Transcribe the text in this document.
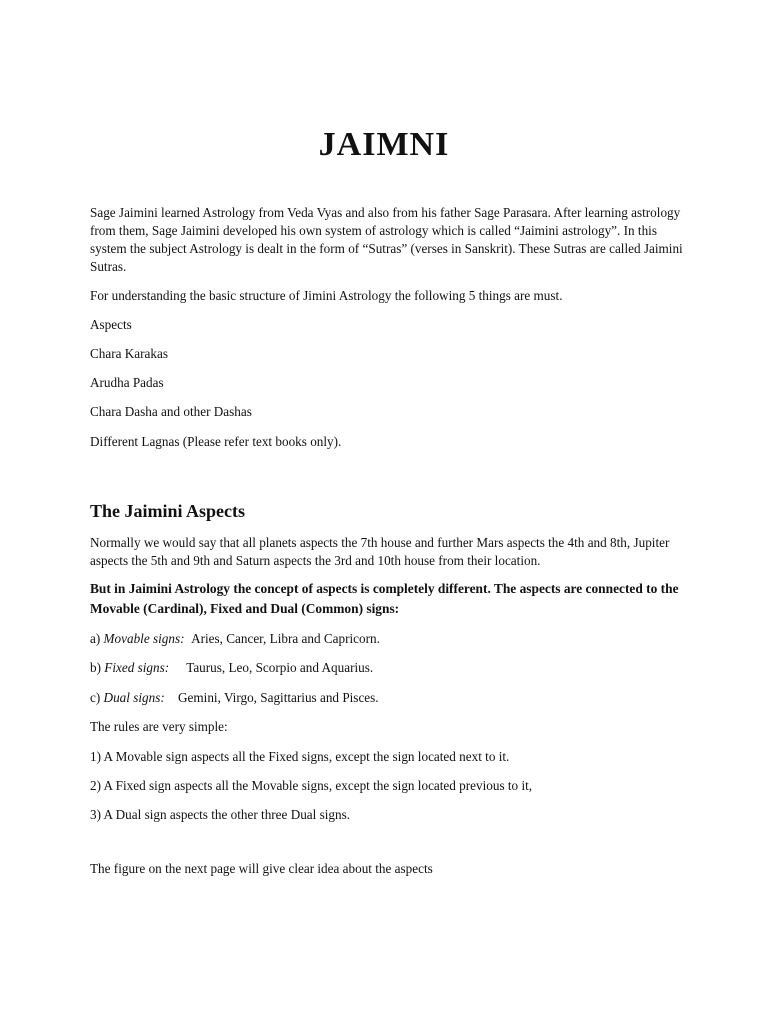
JAIMNI

Sage Jaimini learned Astrology from Veda Vyas and also from his father Sage Parasara. After learning astrology from them, Sage Jaimini developed his own system of astrology which is called “Jaimini astrology”. In this system the subject Astrology is dealt in the form of “Sutras” (verses in Sanskrit). These Sutras are called Jaimini Sutras.

For understanding the basic structure of Jimini Astrology the following 5 things are must.

Aspects

Chara Karakas

Arudha Padas

Chara Dasha and other Dashas

Different Lagnas (Please refer text books only).

The Jaimini Aspects

Normally we would say that all planets aspects the 7th house and further Mars aspects the 4th and 8th, Jupiter aspects the 5th and 9th and Saturn aspects the 3rd and 10th house from their location.

But in Jaimini Astrology the concept of aspects is completely different. The aspects are connected to the Movable (Cardinal), Fixed and Dual (Common) signs:

a) Movable signs: Aries, Cancer, Libra and Capricorn.

b) Fixed signs: Taurus, Leo, Scorpio and Aquarius.

c) Dual signs: Gemini, Virgo, Sagittarius and Pisces.

The rules are very simple:

1) A Movable sign aspects all the Fixed signs, except the sign located next to it.

2) A Fixed sign aspects all the Movable signs, except the sign located previous to it,

3) A Dual sign aspects the other three Dual signs.

The figure on the next page will give clear idea about the aspects
